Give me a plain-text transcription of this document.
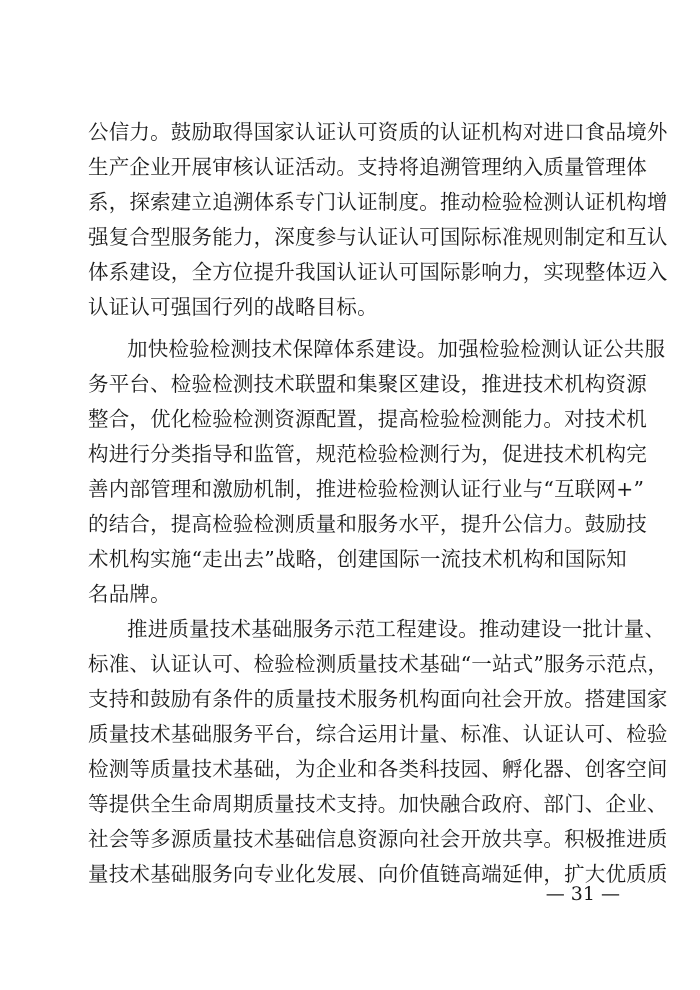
公信力。鼓励取得国家认证认可资质的认证机构对进口食品境外
生产企业开展审核认证活动。支持将追溯管理纳入质量管理体
系，探索建立追溯体系专门认证制度。推动检验检测认证机构增
强复合型服务能力，深度参与认证认可国际标准规则制定和互认
体系建设，全方位提升我国认证认可国际影响力，实现整体迈入
认证认可强国行列的战略目标。
加快检验检测技术保障体系建设。加强检验检测认证公共服
务平台、检验检测技术联盟和集聚区建设，推进技术机构资源
整合，优化检验检测资源配置，提高检验检测能力。对技术机
构进行分类指导和监管，规范检验检测行为，促进技术机构完
善内部管理和激励机制，推进检验检测认证行业与“互联网+”
的结合，提高检验检测质量和服务水平，提升公信力。鼓励技
术机构实施“走出去”战略，创建国际一流技术机构和国际知
名品牌。
推进质量技术基础服务示范工程建设。推动建设一批计量、
标准、认证认可、检验检测质量技术基础“一站式”服务示范点，
支持和鼓励有条件的质量技术服务机构面向社会开放。搭建国家
质量技术基础服务平台，综合运用计量、标准、认证认可、检验
检测等质量技术基础，为企业和各类科技园、孵化器、创客空间
等提供全生命周期质量技术支持。加快融合政府、部门、企业、
社会等多源质量技术基础信息资源向社会开放共享。积极推进质
量技术基础服务向专业化发展、向价值链高端延伸，扩大优质质
— 31 —
